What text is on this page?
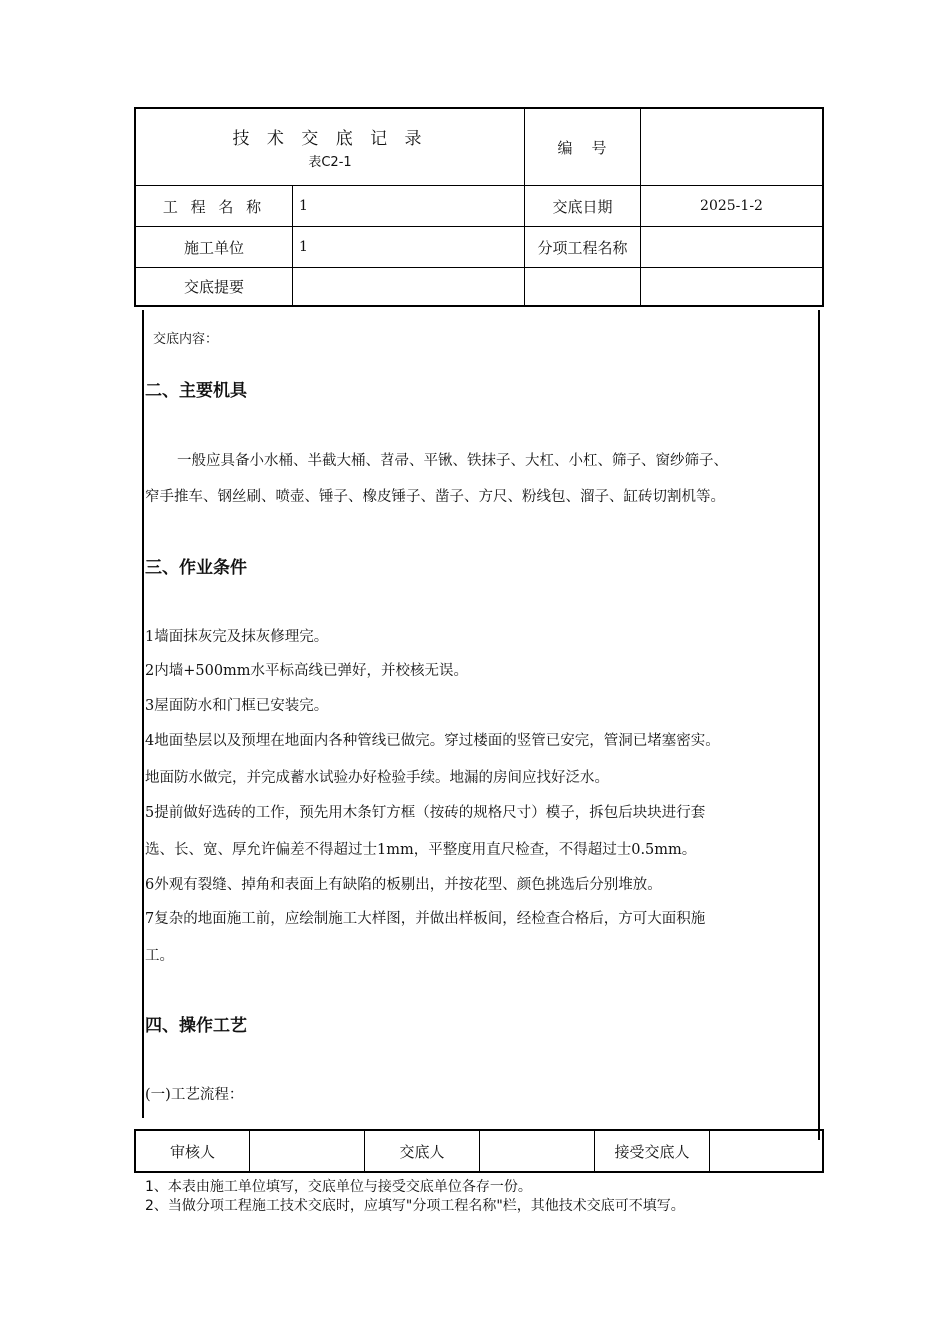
技 术 交 底 记 录
表C2-1
编    号
工 程 名 称	1	交底日期	2025-1-2
施工单位	1	分项工程名称
交底提要
交底内容：
二、主要机具
一般应具备小水桶、半截大桶、苕帚、平锹、铁抹子、大杠、小杠、筛子、窗纱筛子、
窄手推车、钢丝刷、喷壶、锤子、橡皮锤子、凿子、方尺、粉线包、溜子、缸砖切割机等。
三、作业条件
1墙面抹灰完及抹灰修理完。
2内墙+500mm水平标高线已弹好，并校核无误。
3屋面防水和门框已安装完。
4地面垫层以及预埋在地面内各种管线已做完。穿过楼面的竖管已安完，管洞已堵塞密实。
地面防水做完，并完成蓄水试验办好检验手续。地漏的房间应找好泛水。
5提前做好选砖的工作，预先用木条钉方框（按砖的规格尺寸）模子，拆包后块块进行套
选、长、宽、厚允许偏差不得超过士1mm，平整度用直尺检查，不得超过士0.5mm。
6外观有裂缝、掉角和表面上有缺陷的板剔出，并按花型、颜色挑选后分别堆放。
7复杂的地面施工前，应绘制施工大样图，并做出样板间，经检查合格后，方可大面积施
工。
四、操作工艺
(一)工艺流程：
审核人	交底人	接受交底人
1、本表由施工单位填写，交底单位与接受交底单位各存一份。
2、当做分项工程施工技术交底时，应填写"分项工程名称"栏，其他技术交底可不填写。
